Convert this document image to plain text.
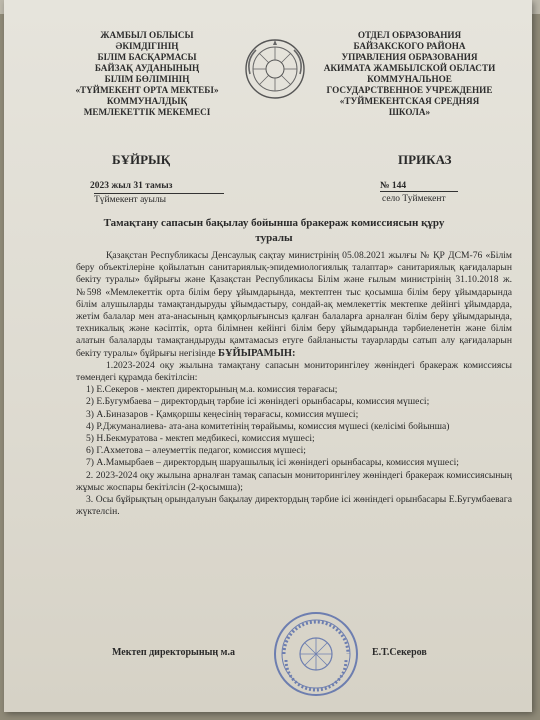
ЖАМБЫЛ ОБЛЫСЫ
ӘКІМДІГІНІҢ
БІЛІМ БАСҚАРМАСЫ
БАЙЗАҚ АУДАНЫНЫҢ
БІЛІМ БӨЛІМІНІҢ
«ТҮЙМЕКЕНТ ОРТА МЕКТЕБІ»
КОММУНАЛДЫҚ
МЕМЛЕКЕТТІК МЕКЕМЕСІ
ОТДЕЛ ОБРАЗОВАНИЯ
БАЙЗАКСКОГО РАЙОНА
УПРАВЛЕНИЯ ОБРАЗОВАНИЯ
АКИМАТА ЖАМБЫЛСКОЙ ОБЛАСТИ
КОММУНАЛЬНОЕ
ГОСУДАРСТВЕННОЕ УЧРЕЖДЕНИЕ
«ТУЙМЕКЕНТСКАЯ СРЕДНЯЯ
ШКОЛА»
БҰЙРЫҚ	ПРИКАЗ
2023 жыл 31 тамыз
Түймекент ауылы
№ 144
село Туймекент
Тамақтану сапасын бақылау бойынша бракераж комиссиясын құру туралы

Қазақстан Республикасы Денсаулық сақтау министрінің 05.08.2021 жылғы № ҚР ДСМ-76 «Білім беру объектілеріне қойылатын санитариялық-эпидемиологиялық талаптар» санитариялық қағидаларын бекіту туралы» бұйрығы және Қазақстан Республикасы Білім және ғылым министрінің 31.10.2018 ж. №598 «Мемлекеттік орта білім беру ұйымдарында, мектептен тыс қосымша білім беру ұйымдарында білім алушыларды тамақтандыруды ұйымдастыру, сондай-ақ мемлекеттік мектепке дейінгі ұйымдарда, жетім балалар мен ата-анасының қамқорлығынсыз қалған балаларға арналған білім беру ұйымдарында, техникалық және кәсіптік, орта білімнен кейінгі білім беру ұйымдарында тәрбиеленетін және білім алатын балаларды тамақтандыруды қамтамасыз етуге байланысты тауарларды сатып алу қағидаларын бекіту туралы» бұйрығы негізінде БҰЙЫРАМЫН:

1.2023-2024 оқу жылына тамақтану сапасын мониторингілеу жөніндегі бракераж комиссиясы төмендегі құрамда бекітілсін:

1) Е.Секеров - мектеп директорының м.а. комиссия төрағасы;

2) Е.Бугумбаева – директордың тәрбие ісі жөніндегі орынбасары, комиссия мүшесі;

3) А.Биназаров - Қамқоршы кеңесінің төрағасы, комиссия мүшесі;

4) Р.Джуманалиева- ата-ана комитетінің төрайымы, комиссия мүшесі (келісімі бойынша)

5) Н.Бекмуратова - мектеп медбикесі, комиссия мүшесі;

6) Г.Ахметова – әлеуметтік педагог, комиссия мүшесі;

7) А.Мамырбаев – директордың шаруашылық ісі жөніндегі орынбасары, комиссия мүшесі;

2. 2023-2024 оқу жылына арналған тамақ сапасын мониторингілеу жөніндегі бракераж комиссиясының жұмыс жоспары бекітілсін (2-қосымша);

3. Осы бұйрықтың орындалуын бақылау директордың тәрбие ісі жөніндегі орынбасары Е.Бугумбаевага жүктелсін.

Мектеп директорының м.а	Е.Т.Секеров
